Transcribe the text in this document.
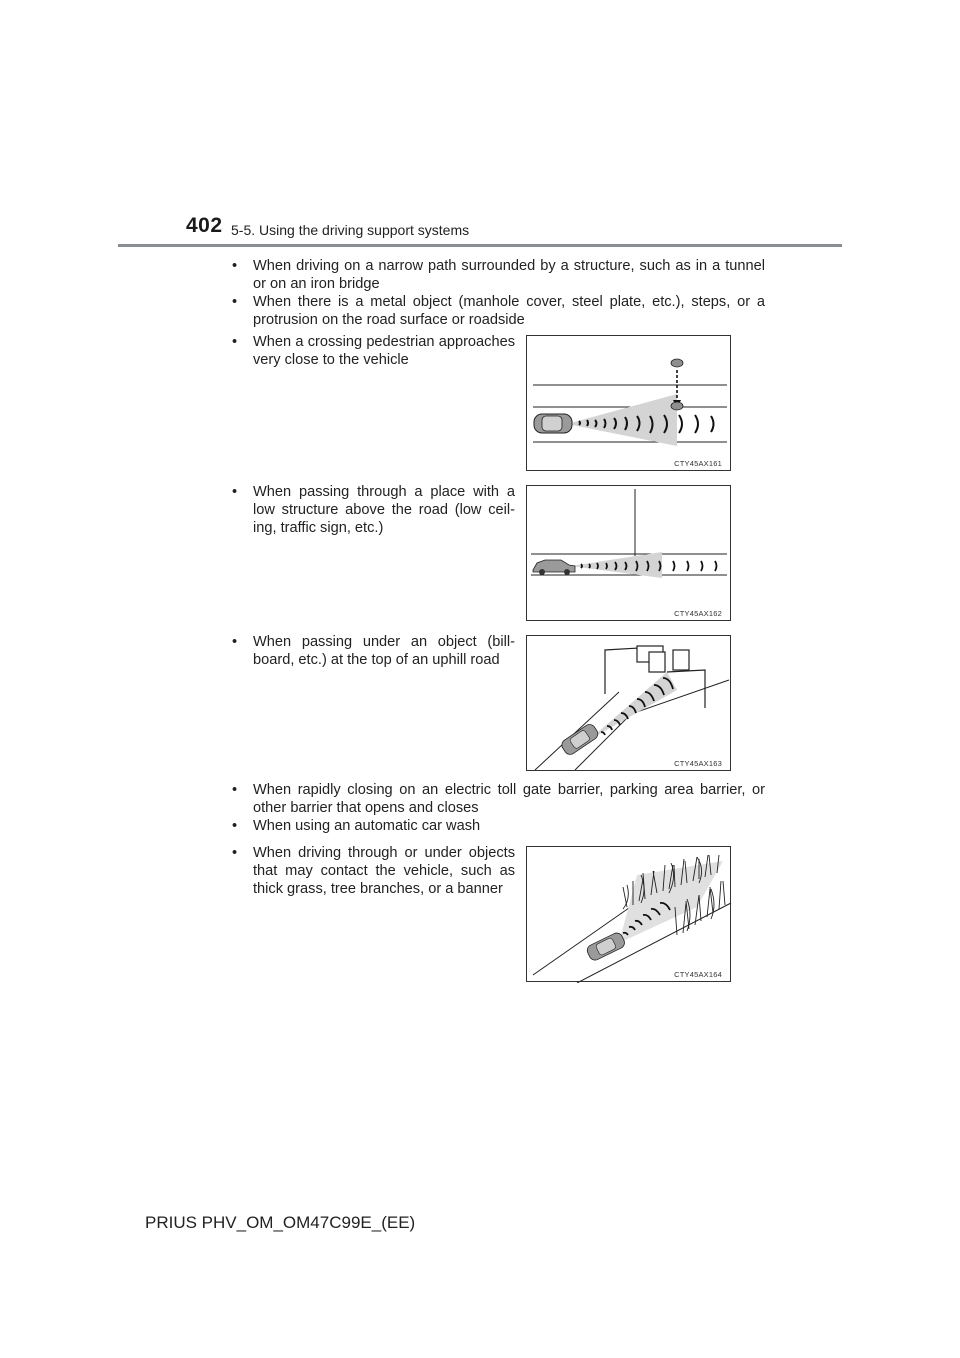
402 5-5. Using the driving support systems
• When driving on a narrow path surrounded by a structure, such as in a tunnel or on an iron bridge
• When there is a metal object (manhole cover, steel plate, etc.), steps, or a protrusion on the road surface or roadside
• When a crossing pedestrian approaches very close to the vehicle
CTY45AX161
• When passing through a place with a low structure above the road (low ceil-ing, traffic sign, etc.)
CTY45AX162
• When passing under an object (bill-board, etc.) at the top of an uphill road
CTY45AX163
• When rapidly closing on an electric toll gate barrier, parking area barrier, or other barrier that opens and closes
• When using an automatic car wash
• When driving through or under objects that may contact the vehicle, such as thick grass, tree branches, or a banner
CTY45AX164
PRIUS PHV_OM_OM47C99E_(EE)
